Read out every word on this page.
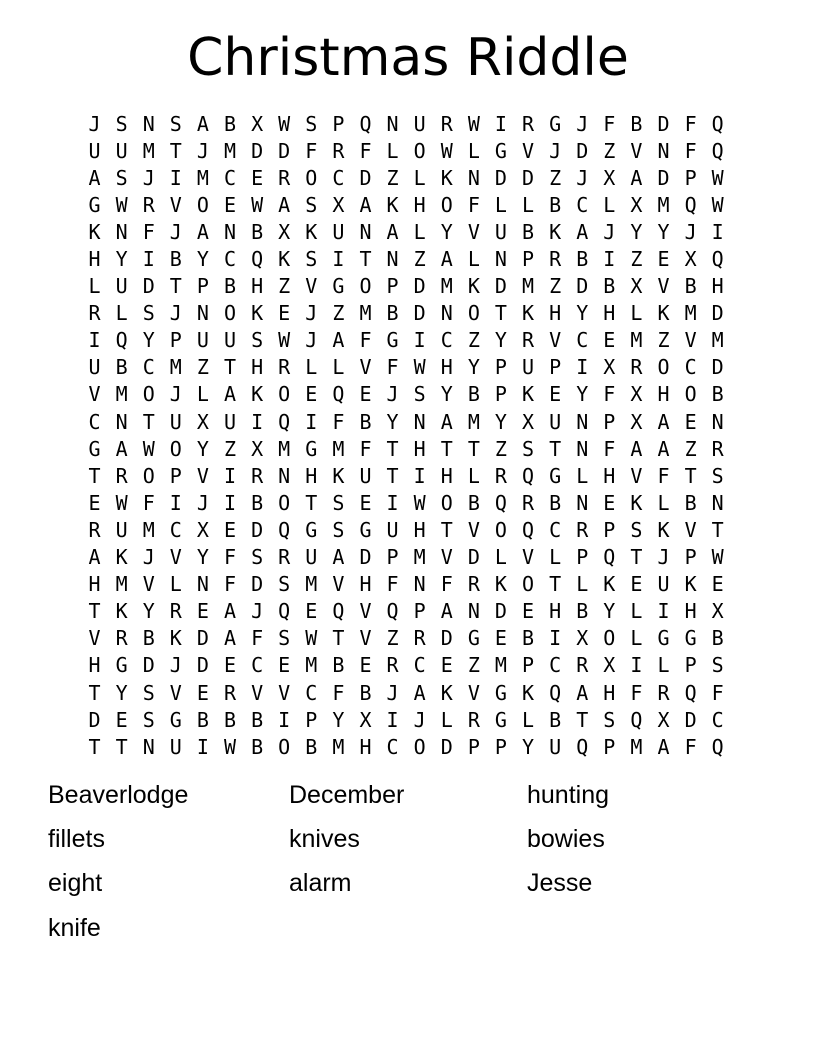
Christmas Riddle
J S N S A B X W S P Q N U R W I R G J F B D F Q
U U M T J M D D F R F L O W L G V J D Z V N F Q
A S J I M C E R O C D Z L K N D D Z J X A D P W
G W R V O E W A S X A K H O F L L B C L X M Q W
K N F J A N B X K U N A L Y V U B K A J Y Y J I
H Y I B Y C Q K S I T N Z A L N P R B I Z E X Q
L U D T P B H Z V G O P D M K D M Z D B X V B H
R L S J N O K E J Z M B D N O T K H Y H L K M D
I Q Y P U U S W J A F G I C Z Y R V C E M Z V M
U B C M Z T H R L L V F W H Y P U P I X R O C D
V M O J L A K O E Q E J S Y B P K E Y F X H O B
C N T U X U I Q I F B Y N A M Y X U N P X A E N
G A W O Y Z X M G M F T H T T Z S T N F A A Z R
T R O P V I R N H K U T I H L R Q G L H V F T S
E W F I J I B O T S E I W O B Q R B N E K L B N
R U M C X E D Q G S G U H T V O Q C R P S K V T
A K J V Y F S R U A D P M V D L V L P Q T J P W
H M V L N F D S M V H F N F R K O T L K E U K E
T K Y R E A J Q E Q V Q P A N D E H B Y L I H X
V R B K D A F S W T V Z R D G E B I X O L G G B
H G D J D E C E M B E R C E Z M P C R X I L P S
T Y S V E R V V C F B J A K V G K Q A H F R Q F
D E S G B B B I P Y X I J L R G L B T S Q X D C
T T N U I W B O B M H C O D P P Y U Q P M A F Q
Beaverlodge
fillets
eight
knife
December
knives
alarm
hunting
bowies
Jesse
